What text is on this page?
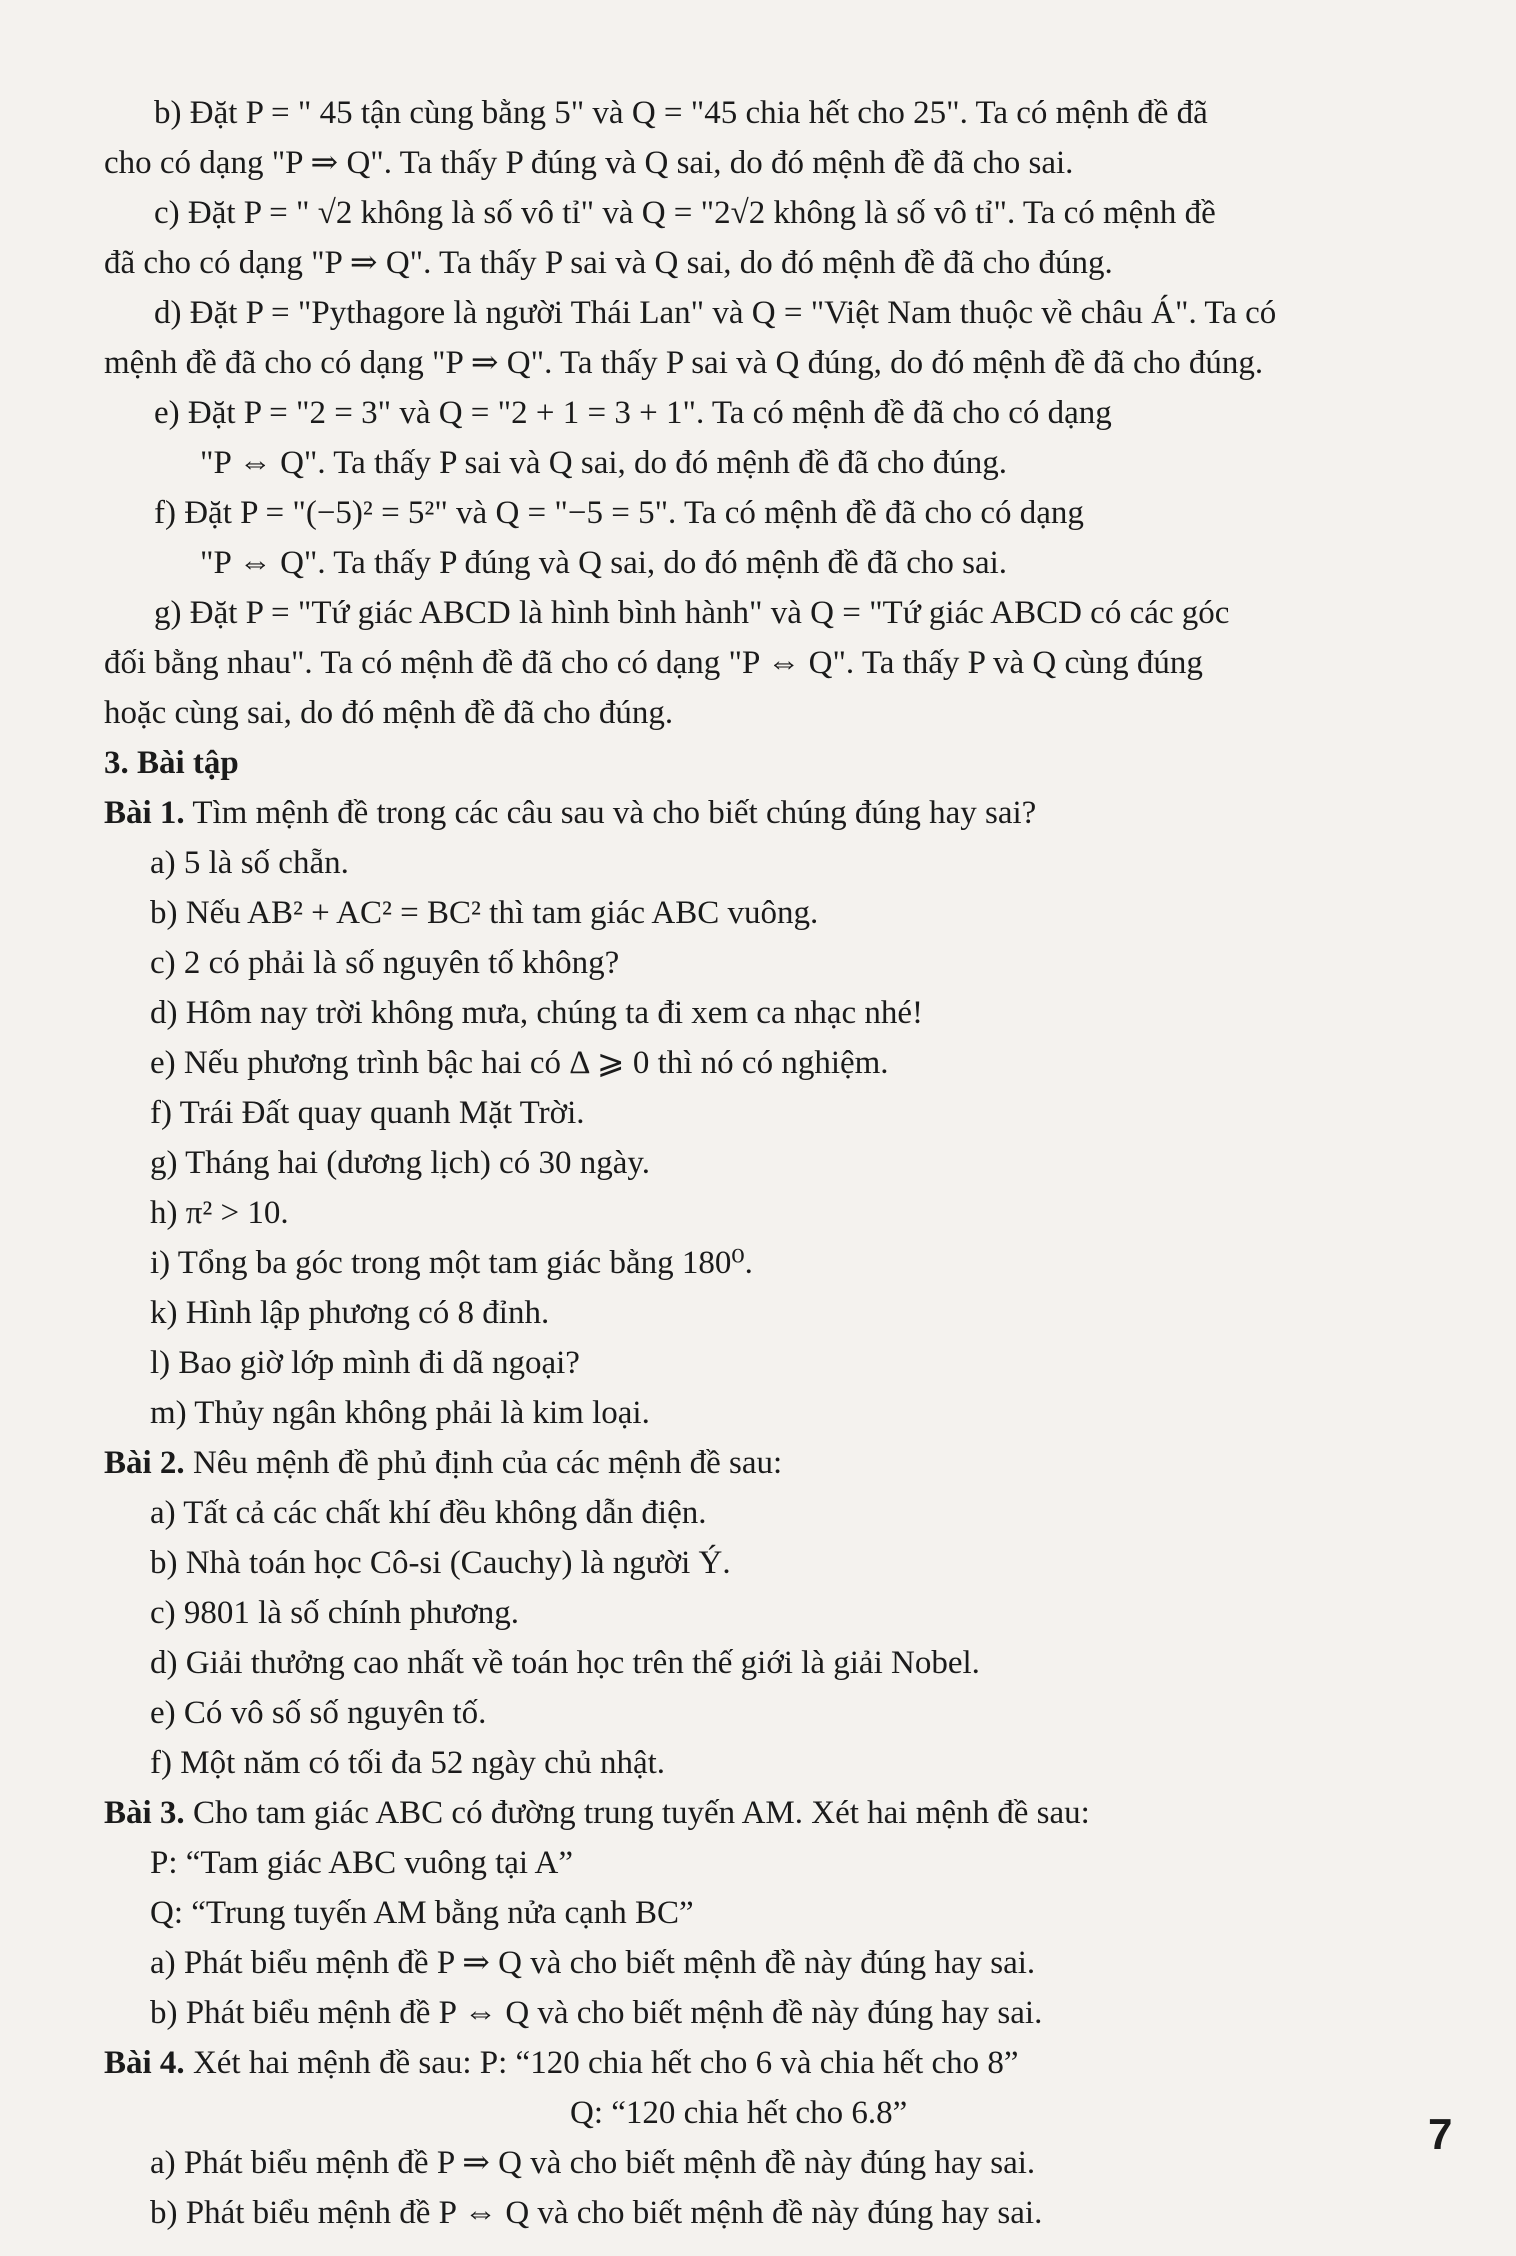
b) Đặt P = " 45 tận cùng bằng 5" và Q = "45 chia hết cho 25". Ta có mệnh đề đã
cho có dạng "P ⇒ Q". Ta thấy P đúng và Q sai, do đó mệnh đề đã cho sai.
c) Đặt P = " √2 không là số vô tỉ" và Q = "2√2 không là số vô tỉ". Ta có mệnh đề
đã cho có dạng "P ⇒ Q". Ta thấy P sai và Q sai, do đó mệnh đề đã cho đúng.
d) Đặt P = "Pythagore là người Thái Lan" và Q = "Việt Nam thuộc về châu Á". Ta có
mệnh đề đã cho có dạng "P ⇒ Q". Ta thấy P sai và Q đúng, do đó mệnh đề đã cho đúng.
e) Đặt P = "2 = 3" và Q = "2 + 1 = 3 + 1". Ta có mệnh đề đã cho có dạng
"P ⇔ Q". Ta thấy P sai và Q sai, do đó mệnh đề đã cho đúng.
f) Đặt P = "(−5)² = 5²" và Q = "−5 = 5". Ta có mệnh đề đã cho có dạng
"P ⇔ Q". Ta thấy P đúng và Q sai, do đó mệnh đề đã cho sai.
g) Đặt P = "Tứ giác ABCD là hình bình hành" và Q = "Tứ giác ABCD có các góc
đối bằng nhau". Ta có mệnh đề đã cho có dạng "P ⇔ Q". Ta thấy P và Q cùng đúng
hoặc cùng sai, do đó mệnh đề đã cho đúng.
3. Bài tập
Bài 1. Tìm mệnh đề trong các câu sau và cho biết chúng đúng hay sai?
a) 5 là số chẵn.
b) Nếu AB² + AC² = BC² thì tam giác ABC vuông.
c) 2 có phải là số nguyên tố không?
d) Hôm nay trời không mưa, chúng ta đi xem ca nhạc nhé!
e) Nếu phương trình bậc hai có Δ ⩾ 0 thì nó có nghiệm.
f) Trái Đất quay quanh Mặt Trời.
g) Tháng hai (dương lịch) có 30 ngày.
h) π² > 10.
i) Tổng ba góc trong một tam giác bằng 180⁰.
k) Hình lập phương có 8 đỉnh.
l) Bao giờ lớp mình đi dã ngoại?
m) Thủy ngân không phải là kim loại.
Bài 2. Nêu mệnh đề phủ định của các mệnh đề sau:
a) Tất cả các chất khí đều không dẫn điện.
b) Nhà toán học Cô-si (Cauchy) là người Ý.
c) 9801 là số chính phương.
d) Giải thưởng cao nhất về toán học trên thế giới là giải Nobel.
e) Có vô số số nguyên tố.
f) Một năm có tối đa 52 ngày chủ nhật.
Bài 3. Cho tam giác ABC có đường trung tuyến AM. Xét hai mệnh đề sau:
P: “Tam giác ABC vuông tại A”
Q: “Trung tuyến AM bằng nửa cạnh BC”
a) Phát biểu mệnh đề P ⇒ Q và cho biết mệnh đề này đúng hay sai.
b) Phát biểu mệnh đề P ⇔ Q và cho biết mệnh đề này đúng hay sai.
Bài 4. Xét hai mệnh đề sau: P: “120 chia hết cho 6 và chia hết cho 8”
Q: “120 chia hết cho 6.8”
a) Phát biểu mệnh đề P ⇒ Q và cho biết mệnh đề này đúng hay sai.
b) Phát biểu mệnh đề P ⇔ Q và cho biết mệnh đề này đúng hay sai.
7
